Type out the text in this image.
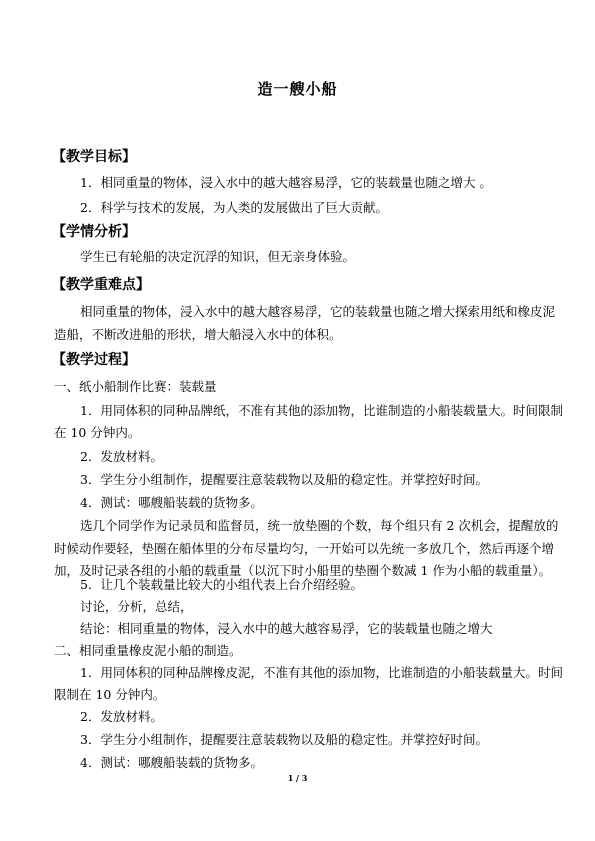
造一艘小船
【教学目标】
1．相同重量的物体，浸入水中的越大越容易浮，它的装载量也随之增大 。
2．科学与技术的发展，为人类的发展做出了巨大贡献。
【学情分析】
学生已有轮船的决定沉浮的知识，但无亲身体验。
【教学重难点】
相同重量的物体，浸入水中的越大越容易浮，它的装载量也随之增大探索用纸和橡皮泥
造船，不断改进船的形状，增大船浸入水中的体积。
【教学过程】
一、纸小船制作比赛：装载量
1．用同体积的同种品牌纸，不准有其他的添加物，比谁制造的小船装载量大。时间限制
在 10 分钟内。
2．发放材料。
3．学生分小组制作，提醒要注意装载物以及船的稳定性。并掌控好时间。
4．测试：哪艘船装载的货物多。
选几个同学作为记录员和监督员，统一放垫圈的个数，每个组只有 2 次机会，提醒放的
时候动作要轻，垫圈在船体里的分布尽量均匀，一开始可以先统一多放几个，然后再逐个增
加，及时记录各组的小船的载重量（以沉下时小船里的垫圈个数减 1 作为小船的载重量）。
5．让几个装载量比较大的小组代表上台介绍经验。
讨论，分析，总结，
结论：相同重量的物体，浸入水中的越大越容易浮，它的装载量也随之增大
二、相同重量橡皮泥小船的制造。
1．用同体积的同种品牌橡皮泥，不准有其他的添加物，比谁制造的小船装载量大。时间
限制在 10 分钟内。
2．发放材料。
3．学生分小组制作，提醒要注意装载物以及船的稳定性。并掌控好时间。
1 / 3
4．测试：哪艘船装载的货物多。
